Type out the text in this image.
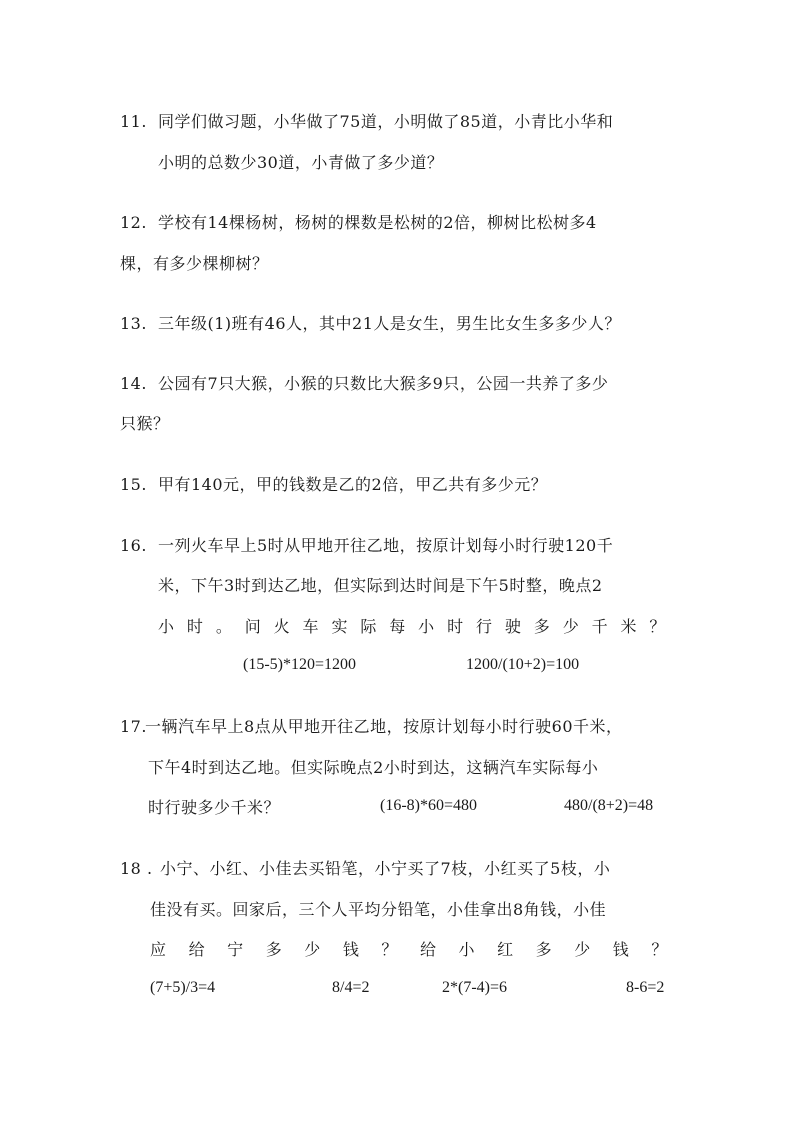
11. 同学们做习题，小华做了75道，小明做了85道，小青比小华和
小明的总数少30道，小青做了多少道？
12. 学校有14棵杨树，杨树的棵数是松树的2倍，柳树比松树多4
棵，有多少棵柳树？
13. 三年级(1)班有46人，其中21人是女生，男生比女生多多少人？
14. 公园有7只大猴，小猴的只数比大猴多9只，公园一共养了多少
只猴？
15. 甲有140元，甲的钱数是乙的2倍，甲乙共有多少元？
16. 一列火车早上5时从甲地开往乙地，按原计划每小时行驶120千
米，下午3时到达乙地，但实际到达时间是下午5时整，晚点2
小 时 。 问 火 车 实 际 每 小 时 行 驶 多 少 千 米 ？
(15-5)*120=1200	1200/(10+2)=100
17.
一辆汽车早上8点从甲地开往乙地，按原计划每小时行驶60千米，
下午4时到达乙地。但实际晚点2小时到达，这辆汽车实际每小
时行驶多少千米？	(16-8)*60=480	480/(8+2)=48
18 . 小宁、小红、小佳去买铅笔，小宁买了7枝，小红买了5枝，小
佳没有买。回家后，三个人平均分铅笔，小佳拿出8角钱，小佳
应 给 宁 多 少 钱 ？ 给 小 红 多 少 钱 ？
(7+5)/3=4	8/4=2	2*(7-4)=6	8-6=2
